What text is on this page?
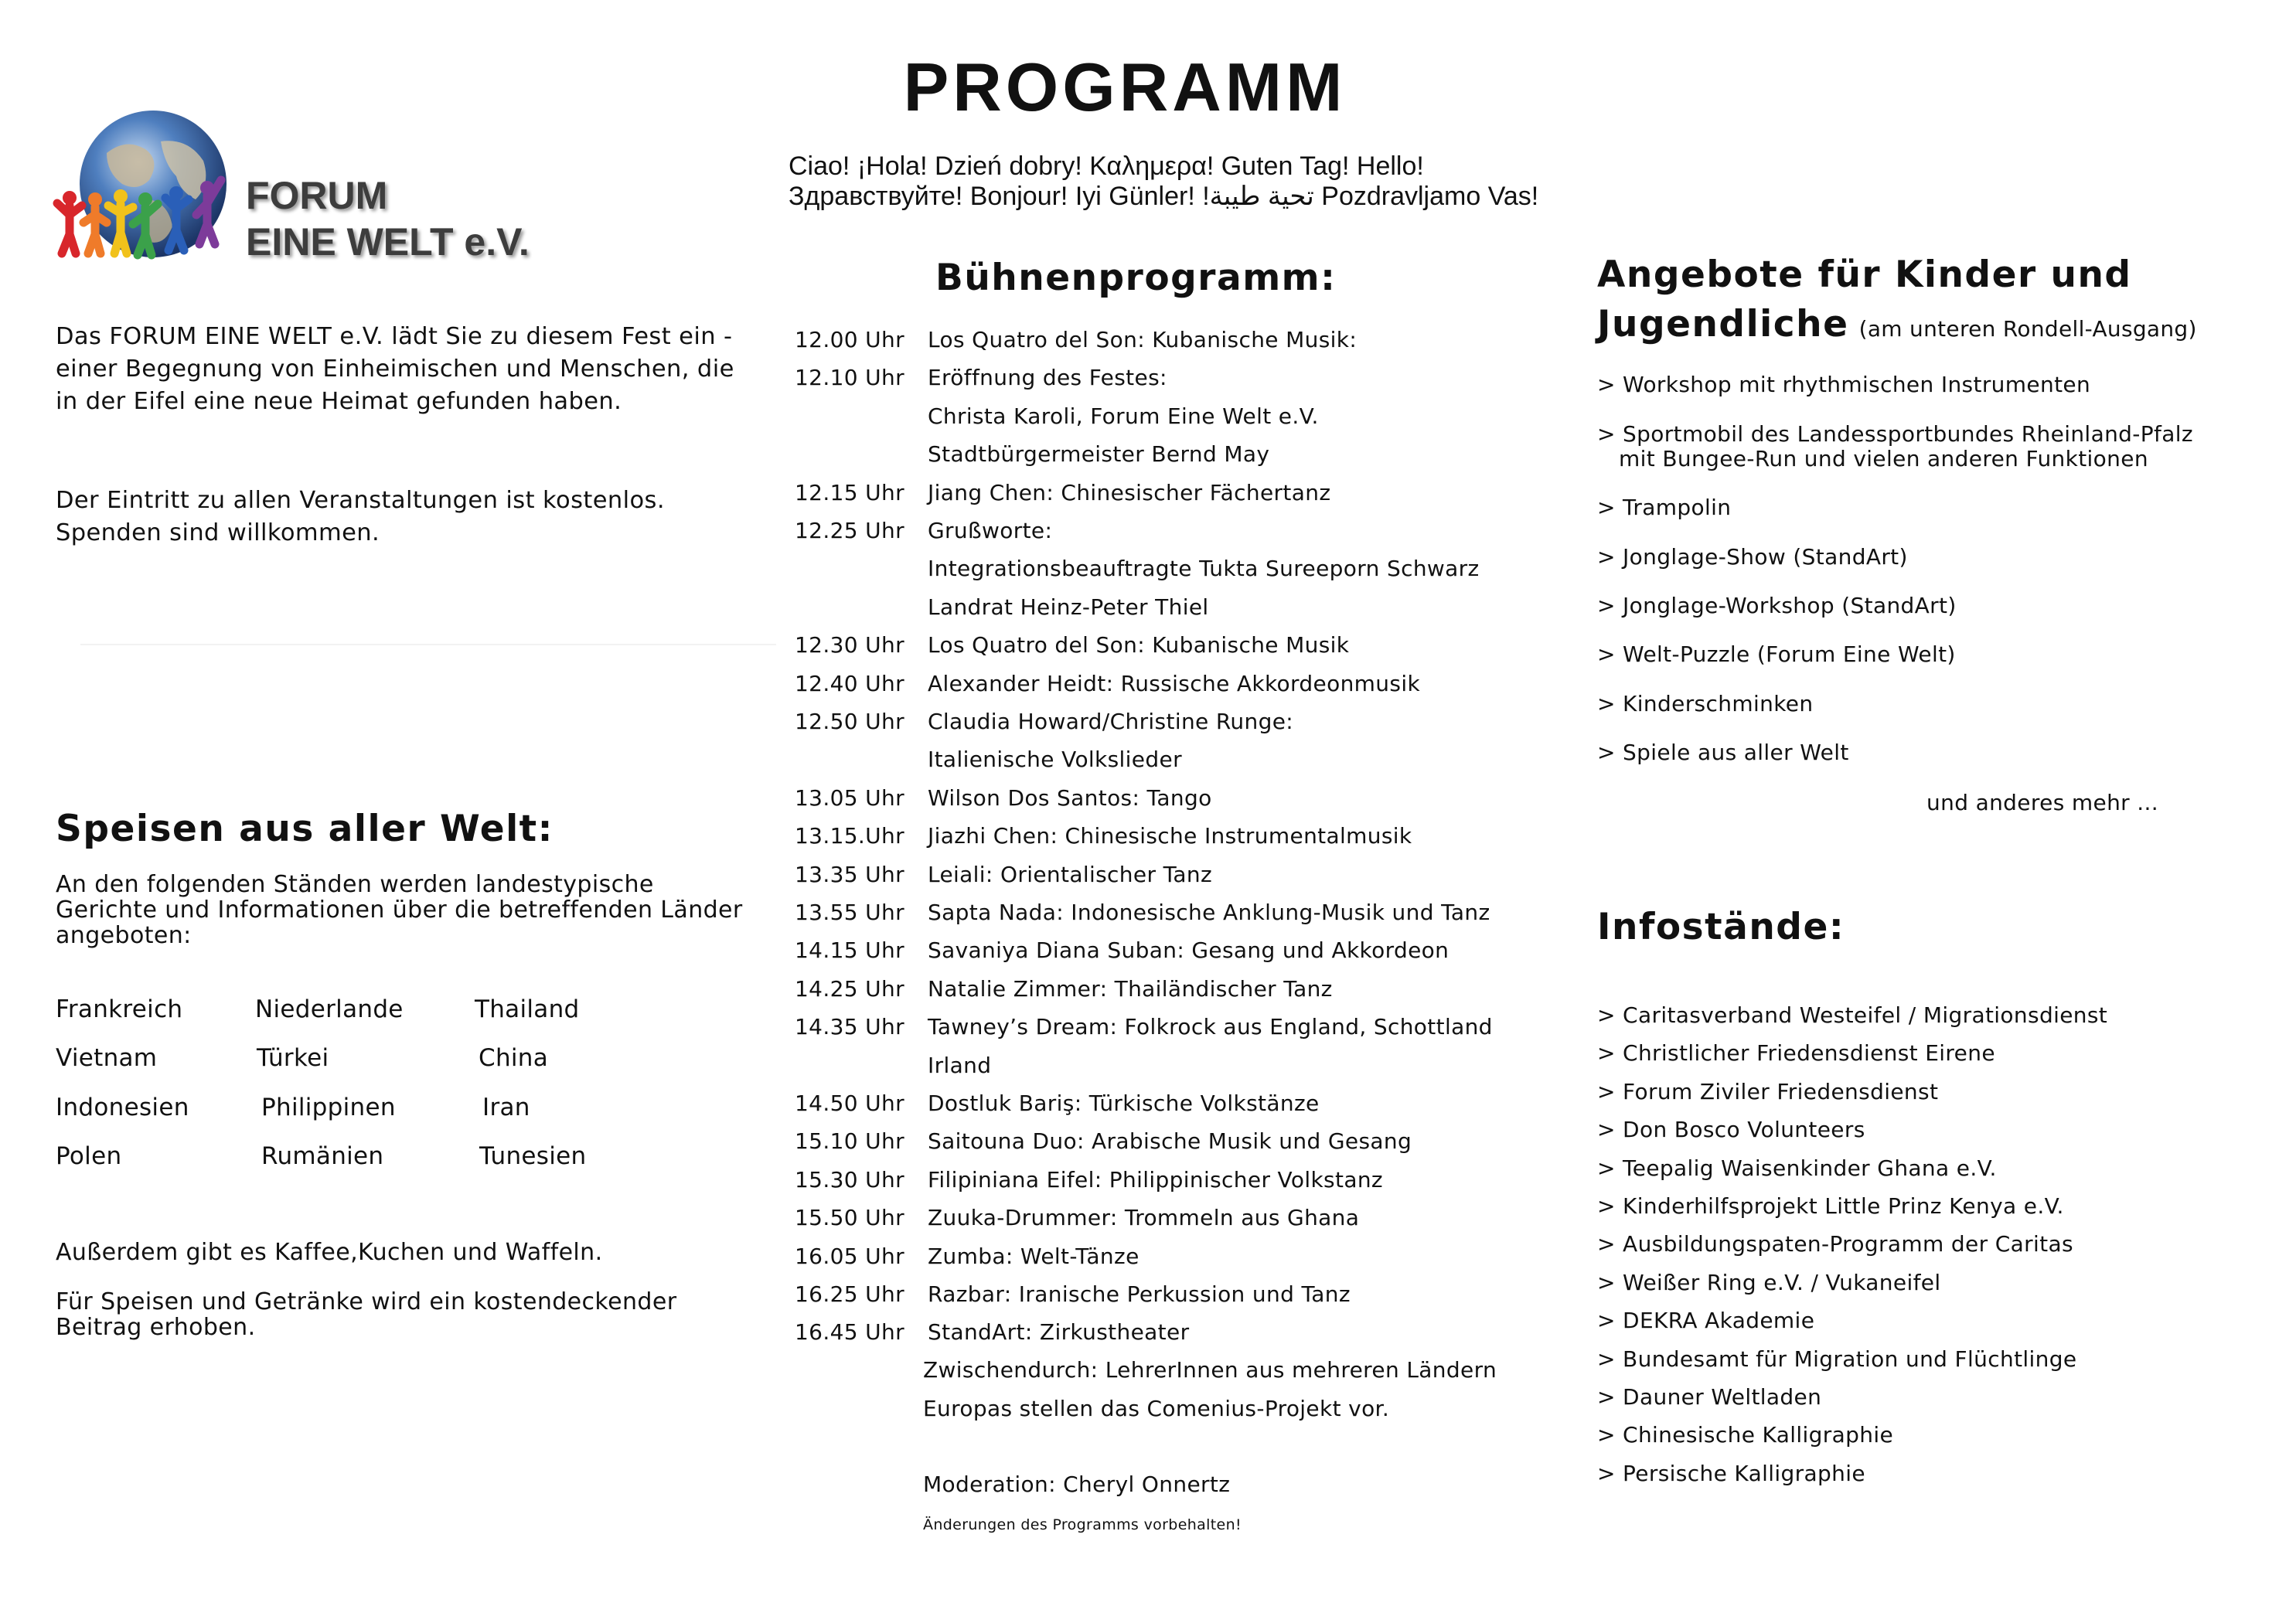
PROGRAMM
Ciao! ¡Hola! Dzień dobry! Καλημερα! Guten Tag! Hello!
Здравствуйте! Bonjour! Iyi Günler! !تحية طيبة Pozdravljamo Vas!
FORUM
EINE WELT e.V.
Das FORUM EINE WELT e.V. lädt Sie zu diesem Fest ein - einer Begegnung von Einheimischen und Menschen, die in der Eifel eine neue Heimat gefunden haben.
Der Eintritt zu allen Veranstaltungen ist kostenlos. Spenden sind willkommen.
Speisen aus aller Welt:
An den folgenden Ständen werden landestypische Gerichte und Informationen über die betreffenden Länder angeboten:
Frankreich	Niederlande	Thailand
Vietnam	Türkei	China
Indonesien	Philippinen	Iran
Polen	Rumänien	Tunesien
Außerdem gibt es Kaffee,Kuchen und Waffeln.
Für Speisen und Getränke wird ein kostendeckender Beitrag erhoben.
Bühnenprogramm:
12.00 Uhr	Los Quatro del Son: Kubanische Musik:
12.10 Uhr	Eröffnung des Festes:
Christa Karoli, Forum Eine Welt e.V.
Stadtbürgermeister Bernd May
12.15 Uhr	Jiang Chen: Chinesischer Fächertanz
12.25 Uhr	Grußworte:
Integrationsbeauftragte Tukta Sureeporn Schwarz
Landrat Heinz-Peter Thiel
12.30 Uhr	Los Quatro del Son: Kubanische Musik
12.40 Uhr	Alexander Heidt: Russische Akkordeonmusik
12.50 Uhr	Claudia Howard/Christine Runge:
Italienische Volkslieder
13.05 Uhr	Wilson Dos Santos: Tango
13.15.Uhr	Jiazhi Chen: Chinesische Instrumentalmusik
13.35 Uhr	Leiali: Orientalischer Tanz
13.55 Uhr	Sapta Nada: Indonesische Anklung-Musik und Tanz
14.15 Uhr	Savaniya Diana Suban: Gesang und Akkordeon
14.25 Uhr	Natalie Zimmer: Thailändischer Tanz
14.35 Uhr	Tawney’s Dream: Folkrock aus England, Schottland
Irland
14.50 Uhr	Dostluk Bariş: Türkische Volkstänze
15.10 Uhr	Saitouna Duo: Arabische Musik und Gesang
15.30 Uhr	Filipiniana Eifel: Philippinischer Volkstanz
15.50 Uhr	Zuuka-Drummer: Trommeln aus Ghana
16.05 Uhr	Zumba: Welt-Tänze
16.25 Uhr	Razbar: Iranische Perkussion und Tanz
16.45 Uhr	StandArt: Zirkustheater
Zwischendurch: LehrerInnen aus mehreren Ländern
Europas stellen das Comenius-Projekt vor.
Moderation: Cheryl Onnertz
Änderungen des Programms vorbehalten!
Angebote für Kinder und
Jugendliche (am unteren Rondell-Ausgang)
> Workshop mit rhythmischen Instrumenten
> Sportmobil des Landessportbundes Rheinland-Pfalz
> Trampolin
> Jonglage-Show (StandArt)
> Jonglage-Workshop (StandArt)
> Welt-Puzzle (Forum Eine Welt)
> Kinderschminken
> Spiele aus aller Welt
mit Bungee-Run und vielen anderen Funktionen
und anderes mehr ...
Infostände:
> Caritasverband Westeifel / Migrationsdienst
> Christlicher Friedensdienst Eirene
> Forum Ziviler Friedensdienst
> Don Bosco Volunteers
> Teepalig Waisenkinder Ghana e.V.
> Kinderhilfsprojekt Little Prinz Kenya e.V.
> Ausbildungspaten-Programm der Caritas
> Weißer Ring e.V. / Vukaneifel
> DEKRA Akademie
> Bundesamt für Migration und Flüchtlinge
> Dauner Weltladen
> Chinesische Kalligraphie
> Persische Kalligraphie
